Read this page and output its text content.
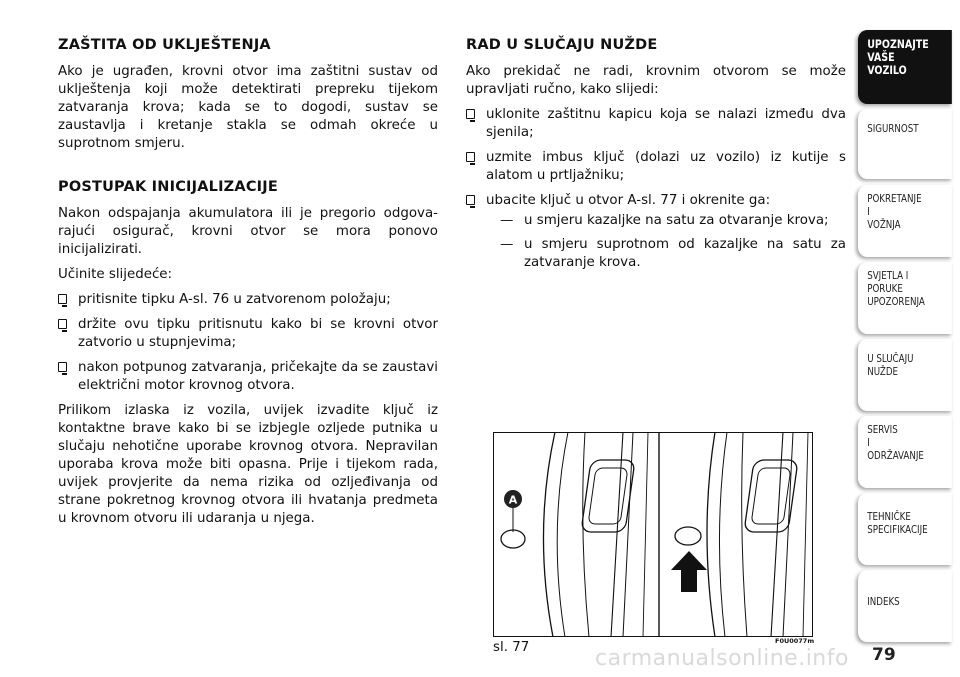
ZAŠTITA OD UKLJEŠTENJA

Ako je ugrađen, krovni otvor ima zaštitni sustav od uklještenja koji može detektirati prepreku tijekom zatvaranja krova; kada se to dogodi, sustav se zaustavlja i kretanje stakla se odmah okreće u suprotnom smjeru.

POSTUPAK INICIJALIZACIJE

Nakon odspajanja akumulatora ili je pregorio odgovarajući osigurač, krovni otvor se mora ponovo inicijalizirati.

Učinite slijedeće:

pritisnite tipku A-sl. 76 u zatvorenom položaju;
držite ovu tipku pritisnutu kako bi se krovni otvor zatvorio u stupnjevima;
nakon potpunog zatvaranja, pričekajte da se zaustavi električni motor krovnog otvora.

Prilikom izlaska iz vozila, uvijek izvadite ključ iz kontaktne brave kako bi se izbjegle ozljede putnika u slučaju nehotične uporabe krovnog otvora. Nepravilan uporaba krova može biti opasna. Prije i tijekom rada, uvijek provjerite da nema rizika od ozljeđivanja od strane pokretnog krovnog otvora ili hvatanja predmeta u krovnom otvoru ili udaranja u njega.

RAD U SLUČAJU NUŽDE

Ako prekidač ne radi, krovnim otvorom se može upravljati ručno, kako slijedi:

uklonite zaštitnu kapicu koja se nalazi između dva sjenila;
uzmite imbus ključ (dolazi uz vozilo) iz kutije s alatom u prtljažniku;
ubacite ključ u otvor A-sl. 77 i okrenite ga:
— u smjeru kazaljke na satu za otvaranje krova;
— u smjeru suprotnom od kazaljke na satu za zatvaranje krova.
A
sl. 77	F0U0077m
UPOZNAJTE
VAŠE
VOZILO
SIGURNOST
POKRETANJE
I
VOŽNJA
SVJETLA I
PORUKE
UPOZORENJA
U SLUČAJU
NUŽDE
SERVIS
I
ODRŽAVANJE
TEHNIČKE
SPECIFIKACIJE
INDEKS
79
carmanualsonline.info
